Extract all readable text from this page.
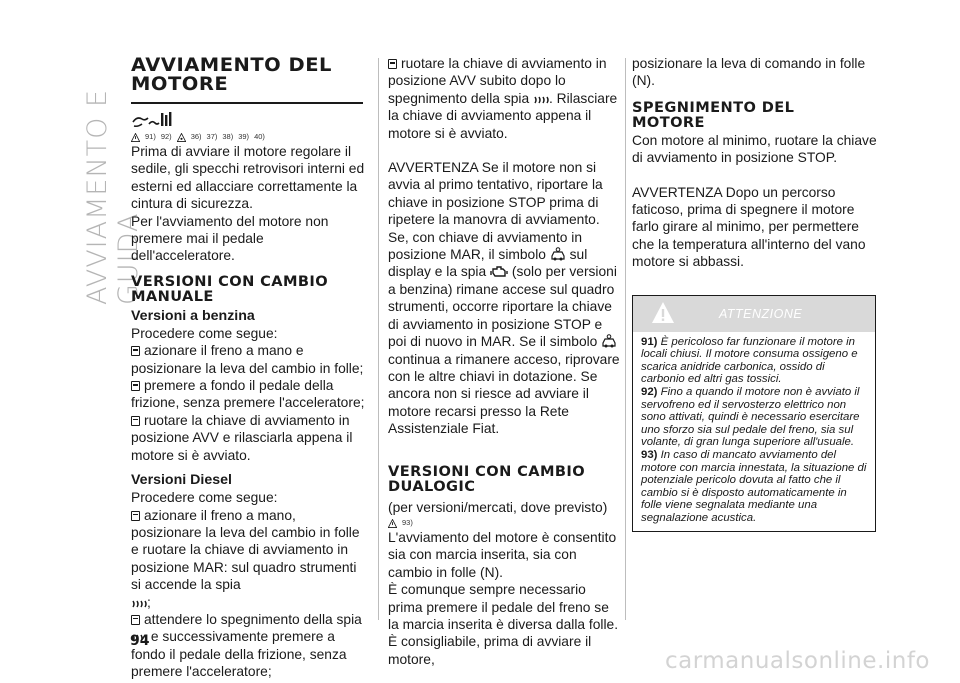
AVVIAMENTO E GUIDA
AVVIAMENTO DEL
MOTORE
91) 92)	36) 37) 38) 39) 40)

Prima di avviare il motore regolare il sedile, gli specchi retrovisori interni ed esterni ed allacciare correttamente la cintura di sicurezza.

Per l'avviamento del motore non premere mai il pedale dell'acceleratore.

VERSIONI CON CAMBIO
MANUALE
Versioni a benzina

Procedere come segue:

azionare il freno a mano e posizionare la leva del cambio in folle;

premere a fondo il pedale della frizione, senza premere l'acceleratore;

ruotare la chiave di avviamento in posizione AVV e rilasciarla appena il motore si è avviato.

Versioni Diesel

Procedere come segue:

azionare il freno a mano, posizionare la leva del cambio in folle e ruotare la chiave di avviamento in posizione MAR: sul quadro strumenti si accende la spia
;

attendere lo spegnimento della spia
e successivamente premere a fondo il pedale della frizione, senza premere l'acceleratore;

ruotare la chiave di avviamento in posizione AVV subito dopo lo spegnimento della spia . Rilasciare la chiave di avviamento appena il motore si è avviato.

AVVERTENZA Se il motore non si avvia al primo tentativo, riportare la chiave in posizione STOP prima di ripetere la manovra di avviamento. Se, con chiave di avviamento in posizione MAR, il simbolo sul display e la spia (solo per versioni a benzina) rimane accese sul quadro strumenti, occorre riportare la chiave di avviamento in posizione STOP e poi di nuovo in MAR. Se il simbolo  continua a rimanere acceso, riprovare con le altre chiavi in dotazione. Se ancora non si riesce ad avviare il motore recarsi presso la Rete Assistenziale Fiat.

VERSIONI CON CAMBIO
DUALOGIC

(per versioni/mercati, dove previsto)

93)

L'avviamento del motore è consentito sia con marcia inserita, sia con cambio in folle (N).

È comunque sempre necessario prima premere il pedale del freno se la marcia inserita è diversa dalla folle. È consigliabile, prima di avviare il motore,

posizionare la leva di comando in folle (N).

SPEGNIMENTO DEL
MOTORE

Con motore al minimo, ruotare la chiave di avviamento in posizione STOP.

AVVERTENZA Dopo un percorso faticoso, prima di spegnere il motore farlo girare al minimo, per permettere che la temperatura all'interno del vano motore si abbassi.

ATTENZIONE

91) È pericoloso far funzionare il motore in locali chiusi. Il motore consuma ossigeno e scarica anidride carbonica, ossido di carbonio ed altri gas tossici.

92) Fino a quando il motore non è avviato il servofreno ed il servosterzo elettrico non sono attivati, quindi è necessario esercitare uno sforzo sia sul pedale del freno, sia sul volante, di gran lunga superiore all'usuale.

93) In caso di mancato avviamento del motore con marcia innestata, la situazione di potenziale pericolo dovuta al fatto che il cambio si è disposto automaticamente in folle viene segnalata mediante una segnalazione acustica.

94
carmanualsonline.info
